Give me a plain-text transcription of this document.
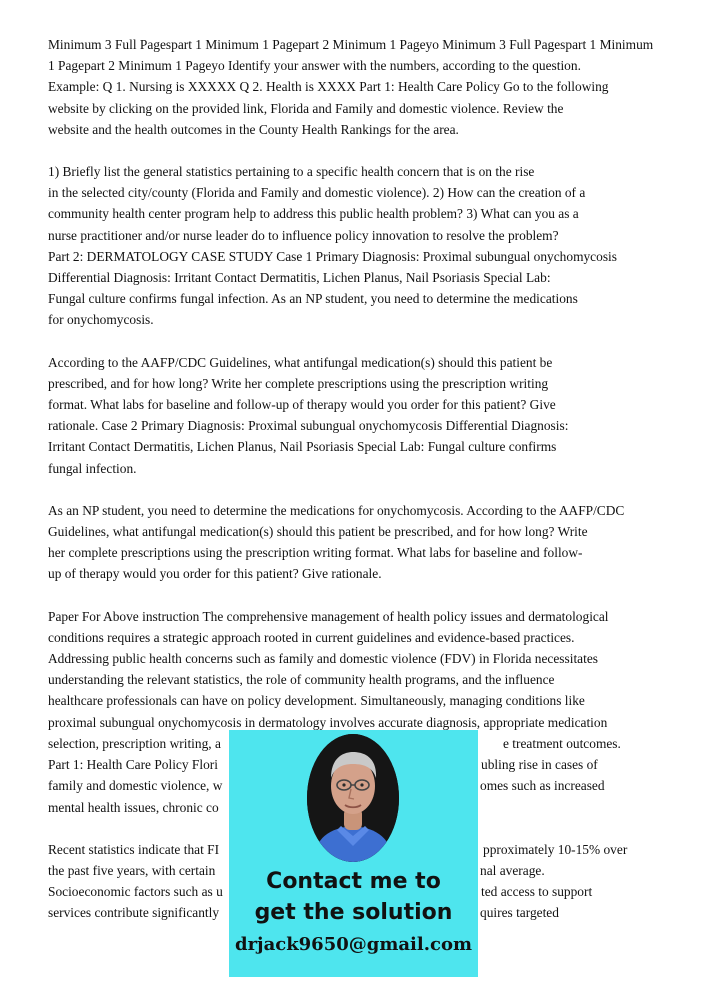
Minimum 3 Full Pagespart 1 Minimum 1 Pagepart 2 Minimum 1 Pageyo Minimum 3 Full Pagespart 1 Minimum
1 Pagepart 2 Minimum 1 Pageyo Identify your answer with the numbers, according to the question.
Example: Q 1. Nursing is XXXXX Q 2. Health is XXXX Part 1: Health Care Policy Go to the following
website by clicking on the provided link, Florida and Family and domestic violence. Review the
website and the health outcomes in the County Health Rankings for the area.
1) Briefly list the general statistics pertaining to a specific health concern that is on the rise
in the selected city/county (Florida and Family and domestic violence). 2) How can the creation of a
community health center program help to address this public health problem? 3) What can you as a
nurse practitioner and/or nurse leader do to influence policy innovation to resolve the problem?
Part 2: DERMATOLOGY CASE STUDY Case 1 Primary Diagnosis: Proximal subungual onychomycosis
Differential Diagnosis: Irritant Contact Dermatitis, Lichen Planus, Nail Psoriasis Special Lab:
Fungal culture confirms fungal infection. As an NP student, you need to determine the medications
for onychomycosis.
According to the AAFP/CDC Guidelines, what antifungal medication(s) should this patient be
prescribed, and for how long? Write her complete prescriptions using the prescription writing
format. What labs for baseline and follow-up of therapy would you order for this patient? Give
rationale. Case 2 Primary Diagnosis: Proximal subungual onychomycosis Differential Diagnosis:
Irritant Contact Dermatitis, Lichen Planus, Nail Psoriasis Special Lab: Fungal culture confirms
fungal infection.
As an NP student, you need to determine the medications for onychomycosis. According to the AAFP/CDC
Guidelines, what antifungal medication(s) should this patient be prescribed, and for how long? Write
her complete prescriptions using the prescription writing format. What labs for baseline and follow-
up of therapy would you order for this patient? Give rationale.
Paper For Above instruction The comprehensive management of health policy issues and dermatological
conditions requires a strategic approach rooted in current guidelines and evidence-based practices.
Addressing public health concerns such as family and domestic violence (FDV) in Florida necessitates
understanding the relevant statistics, the role of community health programs, and the influence
healthcare professionals can have on policy development. Simultaneously, managing conditions like
proximal subungual onychomycosis in dermatology involves accurate diagnosis, appropriate medication
selection, prescription writing, a	e treatment outcomes.
Part 1: Health Care Policy Flori	ubling rise in cases of
family and domestic violence, w	omes such as increased
mental health issues, chronic co
Recent statistics indicate that FI	pproximately 10-15% over
the past five years, with certain	nal average.
Socioeconomic factors such as u	ted access to support
services contribute significantly	quires targeted
Contact me to
get the solution
drjack9650@gmail.com
